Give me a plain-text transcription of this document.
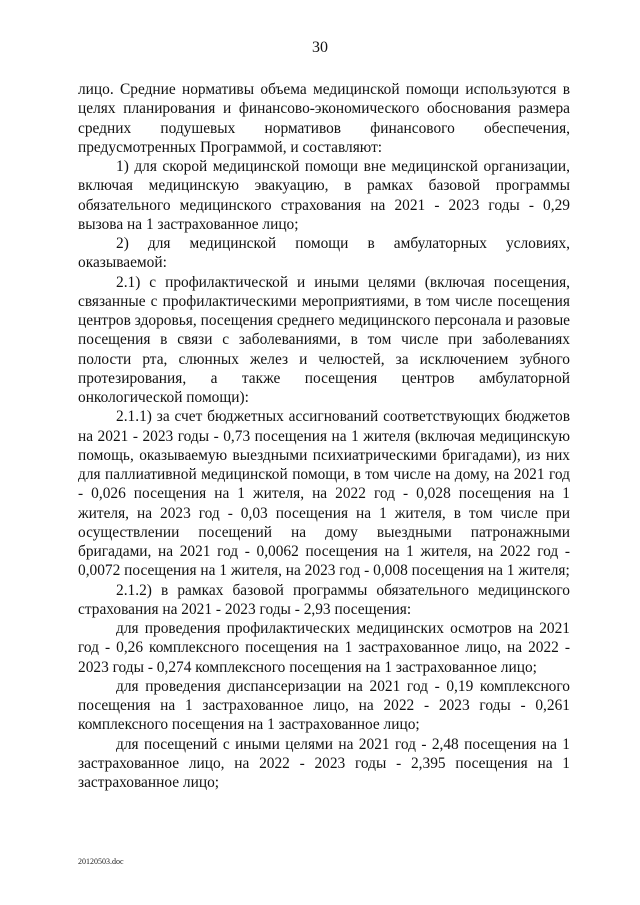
30

лицо. Средние нормативы объема медицинской помощи используются в целях планирования и финансово-экономического обоснования размера средних подушевых нормативов финансового обеспечения, предусмотренных Программой, и составляют:

1) для скорой медицинской помощи вне медицинской организации, включая медицинскую эвакуацию, в рамках базовой программы обязательного медицинского страхования на 2021 - 2023 годы - 0,29 вызова на 1 застрахованное лицо;

2) для медицинской помощи в амбулаторных условиях, оказываемой:

2.1) с профилактической и иными целями (включая посещения, связанные с профилактическими мероприятиями, в том числе посещения центров здоровья, посещения среднего медицинского персонала и разовые посещения в связи с заболеваниями, в том числе при заболеваниях полости рта, слюнных желез и челюстей, за исключением зубного протезирования, а также посещения центров амбулаторной онкологической помощи):

2.1.1) за счет бюджетных ассигнований соответствующих бюджетов на 2021 - 2023 годы - 0,73 посещения на 1 жителя (включая медицинскую помощь, оказываемую выездными психиатрическими бригадами), из них для паллиативной медицинской помощи, в том числе на дому, на 2021 год - 0,026 посещения на 1 жителя, на 2022 год - 0,028 посещения на 1 жителя, на 2023 год - 0,03 посещения на 1 жителя, в том числе при осуществлении посещений на дому выездными патронажными бригадами, на 2021 год - 0,0062 посещения на 1 жителя, на 2022 год - 0,0072 посещения на 1 жителя, на 2023 год - 0,008 посещения на 1 жителя;

2.1.2) в рамках базовой программы обязательного медицинского страхования на 2021 - 2023 годы - 2,93 посещения:

для проведения профилактических медицинских осмотров на 2021 год - 0,26 комплексного посещения на 1 застрахованное лицо, на 2022 - 2023 годы - 0,274 комплексного посещения на 1 застрахованное лицо;

для проведения диспансеризации на 2021 год - 0,19 комплексного посещения на 1 застрахованное лицо, на 2022 - 2023 годы - 0,261 комплексного посещения на 1 застрахованное лицо;

для посещений с иными целями на 2021 год - 2,48 посещения на 1 застрахованное лицо, на 2022 - 2023 годы - 2,395 посещения на 1 застрахованное лицо;

20120503.doc
